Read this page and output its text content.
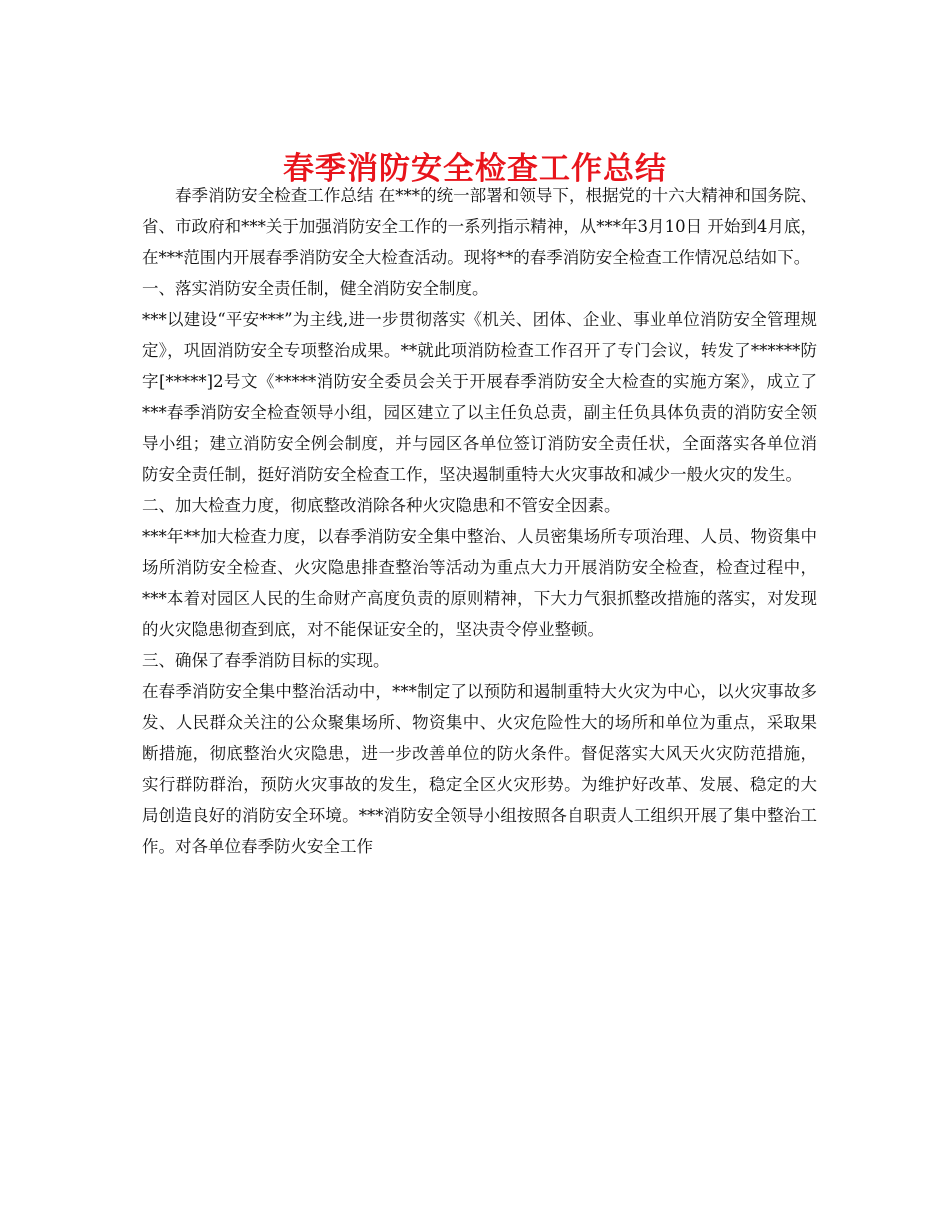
春季消防安全检查工作总结

春季消防安全检查工作总结 在***的统一部署和领导下，根据党的十六大精神和国务院、省、市政府和***关于加强消防安全工作的一系列指示精神，从***年3月10日 开始到4月底，在***范围内开展春季消防安全大检查活动。现将**的春季消防安全检查工作情况总结如下。

一、落实消防安全责任制，健全消防安全制度。

***以建设“平安***”为主线,进一步贯彻落实《机关、团体、企业、事业单位消防安全管理规定》，巩固消防安全专项整治成果。**就此项消防检查工作召开了专门会议，转发了******防字[*****]2号文《*****消防安全委员会关于开展春季消防安全大检查的实施方案》，成立了***春季消防安全检查领导小组，园区建立了以主任负总责，副主任负具体负责的消防安全领导小组；建立消防安全例会制度，并与园区各单位签订消防安全责任状，全面落实各单位消防安全责任制，挺好消防安全检查工作，坚决遏制重特大火灾事故和减少一般火灾的发生。

二、加大检查力度，彻底整改消除各种火灾隐患和不管安全因素。

***年**加大检查力度，以春季消防安全集中整治、人员密集场所专项治理、人员、物资集中场所消防安全检查、火灾隐患排查整治等活动为重点大力开展消防安全检查，检查过程中，***本着对园区人民的生命财产高度负责的原则精神，下大力气狠抓整改措施的落实，对发现的火灾隐患彻查到底，对不能保证安全的，坚决责令停业整顿。

三、确保了春季消防目标的实现。

在春季消防安全集中整治活动中，***制定了以预防和遏制重特大火灾为中心，以火灾事故多发、人民群众关注的公众聚集场所、物资集中、火灾危险性大的场所和单位为重点，采取果断措施，彻底整治火灾隐患，进一步改善单位的防火条件。督促落实大风天火灾防范措施，实行群防群治，预防火灾事故的发生，稳定全区火灾形势。为维护好改革、发展、稳定的大局创造良好的消防安全环境。***消防安全领导小组按照各自职责人工组织开展了集中整治工作。对各单位春季防火安全工作
